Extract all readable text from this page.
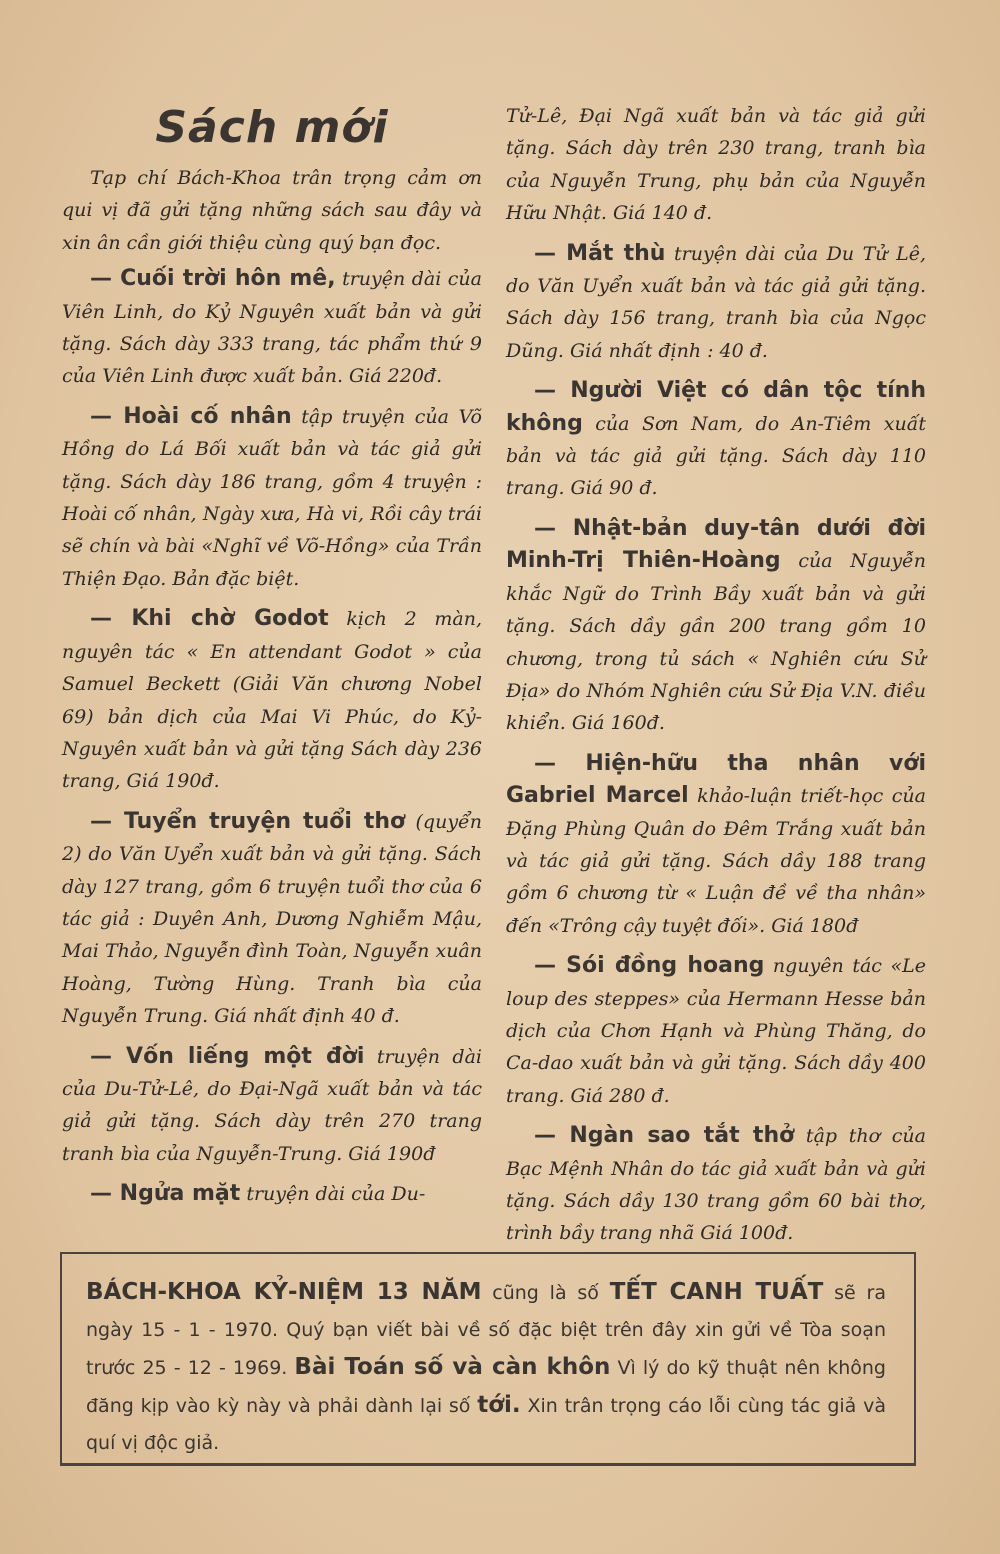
Sách mới

Tạp chí Bách-Khoa trân trọng cảm ơn qui vị đã gửi tặng những sách sau đây và xin ân cần giới thiệu cùng quý bạn đọc.

— Cuối trời hôn mê, truyện dài của Viên Linh, do Kỷ Nguyên xuất bản và gửi tặng. Sách dày 333 trang, tác phẩm thứ 9 của Viên Linh được xuất bản. Giá 220đ.

— Hoài cố nhân tập truyện của Võ Hồng do Lá Bối xuất bản và tác giả gửi tặng. Sách dày 186 trang, gồm 4 truyện : Hoài cố nhân, Ngày xưa, Hà vi, Rồi cây trái sẽ chín và bài «Nghĩ về Võ-Hồng» của Trần Thiện Đạo. Bản đặc biệt.

— Khi chờ Godot kịch 2 màn, nguyên tác « En attendant Godot » của Samuel Beckett (Giải Văn chương Nobel 69) bản dịch của Mai Vi Phúc, do Kỷ-Nguyên xuất bản và gửi tặng Sách dày 236 trang, Giá 190đ.

— Tuyển truyện tuổi thơ (quyển 2) do Văn Uyển xuất bản và gửi tặng. Sách dày 127 trang, gồm 6 truyện tuổi thơ của 6 tác giả : Duyên Anh, Dương Nghiễm Mậu, Mai Thảo, Nguyễn đình Toàn, Nguyễn xuân Hoàng, Tường Hùng. Tranh bìa của Nguyễn Trung. Giá nhất định 40 đ.

— Vốn liếng một đời truyện dài của Du-Tử-Lê, do Đại-Ngã xuất bản và tác giả gửi tặng. Sách dày trên 270 trang tranh bìa của Nguyễn-Trung. Giá 190đ

— Ngửa mặt truyện dài của Du-

Tử-Lê, Đại Ngã xuất bản và tác giả gửi tặng. Sách dày trên 230 trang, tranh bìa của Nguyễn Trung, phụ bản của Nguyễn Hữu Nhật. Giá 140 đ.

— Mắt thù truyện dài của Du Tử Lê, do Văn Uyển xuất bản và tác giả gửi tặng. Sách dày 156 trang, tranh bìa của Ngọc Dũng. Giá nhất định : 40 đ.

— Người Việt có dân tộc tính không của Sơn Nam, do An-Tiêm xuất bản và tác giả gửi tặng. Sách dày 110 trang. Giá 90 đ.

— Nhật-bản duy-tân dưới đời Minh-Trị Thiên-Hoàng của Nguyễn khắc Ngữ do Trình Bầy xuất bản và gửi tặng. Sách dầy gần 200 trang gồm 10 chương, trong tủ sách « Nghiên cứu Sử Địa» do Nhóm Nghiên cứu Sử Địa V.N. điều khiển. Giá 160đ.

— Hiện-hữu tha nhân với Gabriel Marcel khảo-luận triết-học của Đặng Phùng Quân do Đêm Trắng xuất bản và tác giả gửi tặng. Sách dầy 188 trang gồm 6 chương từ « Luận đề về tha nhân» đến «Trông cậy tuyệt đối». Giá 180đ

— Sói đồng hoang nguyên tác «Le loup des steppes» của Hermann Hesse bản dịch của Chơn Hạnh và Phùng Thăng, do Ca-dao xuất bản và gửi tặng. Sách dầy 400 trang. Giá 280 đ.

— Ngàn sao tắt thở tập thơ của Bạc Mệnh Nhân do tác giả xuất bản và gửi tặng. Sách dầy 130 trang gồm 60 bài thơ, trình bầy trang nhã Giá 100đ.

BÁCH-KHOA KỶ-NIỆM 13 NĂM cũng là số TẾT CANH TUẤT sẽ ra ngày 15 - 1 - 1970. Quý bạn viết bài về số đặc biệt trên đây xin gửi về Tòa soạn trước 25 - 12 - 1969. Bài Toán số và càn khôn Vì lý do kỹ thuật nên không đăng kịp vào kỳ này và phải dành lại số tới. Xin trân trọng cáo lỗi cùng tác giả và quí vị độc giả.
